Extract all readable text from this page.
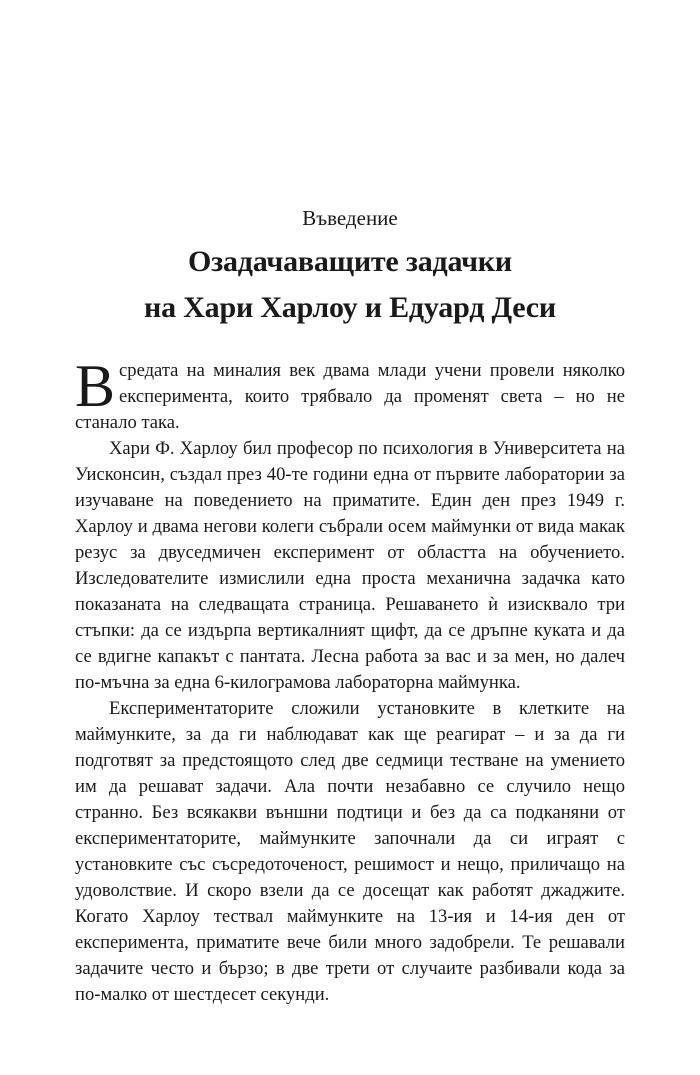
Въведение
Озадачаващите задачки
на Хари Харлоу и Едуард Деси

Всредата на миналия век двама млади учени провели няколко експеримента, които трябвало да променят света – но не станало така.

Хари Ф. Харлоу бил професор по психология в Университета на Уисконсин, създал през 40-те години една от първите лаборатории за изучаване на поведението на приматите. Един ден през 1949 г. Харлоу и двама негови колеги събрали осем маймунки от вида макак резус за двуседмичен експеримент от областта на обучението. Изследователите измислили една проста механична задачка като показаната на следващата страница. Решаването ѝ изисквало три стъпки: да се издърпа вертикалният щифт, да се дръпне куката и да се вдигне капакът с пантата. Лесна работа за вас и за мен, но далеч по-мъчна за една 6-килограмова лабораторна маймунка.

Експериментаторите сложили установките в клетките на маймунките, за да ги наблюдават как ще реагират – и за да ги подготвят за предстоящото след две седмици тестване на умението им да решават задачи. Ала почти незабавно се случило нещо странно. Без всякакви външни подтици и без да са подканяни от експериментаторите, маймунките започнали да си играят с установките със съсредоточеност, решимост и нещо, приличащо на удоволствие. И скоро взели да се досещат как работят джаджите. Когато Харлоу тествал маймунките на 13-ия и 14-ия ден от експеримента, приматите вече били много задобрели. Те решавали задачите често и бързо; в две трети от случаите разбивали кода за по-малко от шестдесет секунди.
